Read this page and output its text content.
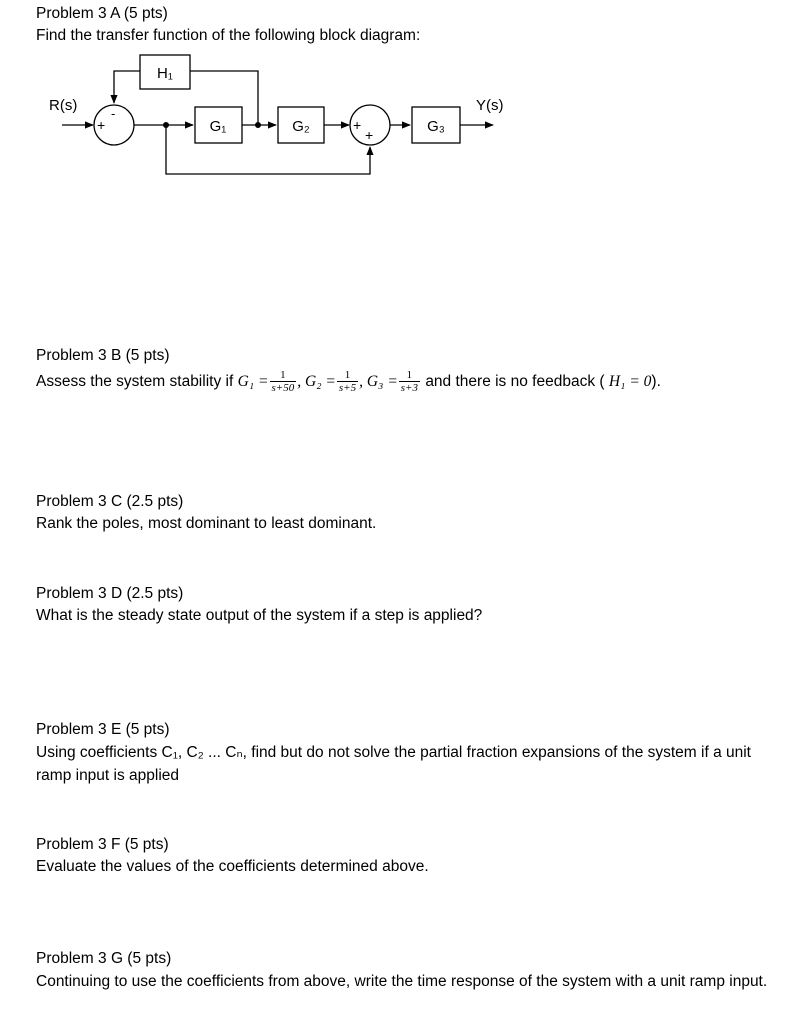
Problem 3 A (5 pts)
Find the transfer function of the following block diagram:
R(s)
+
-
G₁	G₂	+
+	G₃
Y(s)
H₁
Problem 3 B (5 pts)
Assess the system stability if $G_1 = \frac{1}{s+50}$ , $G_2 = \frac{1}{s+5}$ , $G_3 = \frac{1}{s+3}$ and there is no feedback ( H₁ = 0).
Problem 3 C (2.5 pts)
Rank the poles, most dominant to least dominant.
Problem 3 D (2.5 pts)
What is the steady state output of the system if a step is applied?
Problem 3 E (5 pts)
Using coefficients C₁, C₂ ... Cₙ, find but do not solve the partial fraction expansions of the system if a unit ramp input is applied
Problem 3 F (5 pts)
Evaluate the values of the coefficients determined above.
Problem 3 G (5 pts)
Continuing to use the coefficients from above, write the time response of the system with a unit ramp input.
